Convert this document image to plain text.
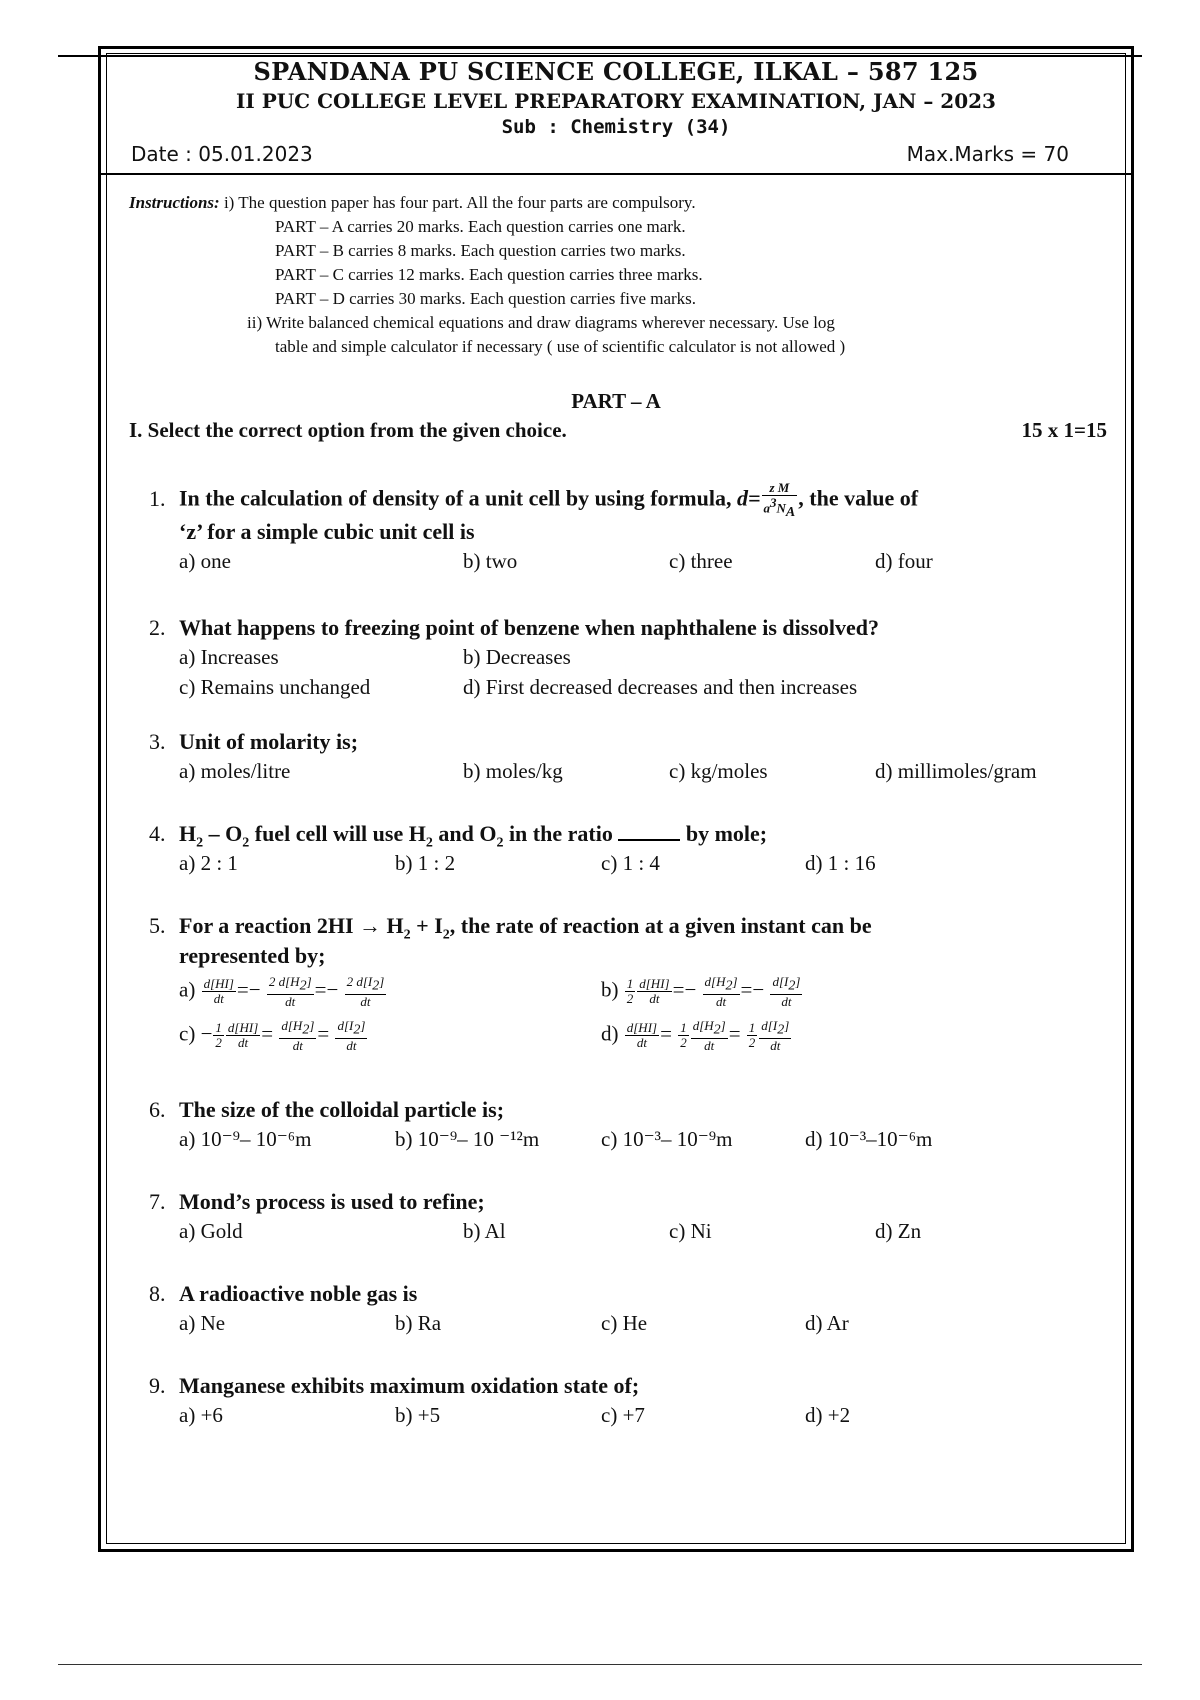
SPANDANA PU SCIENCE COLLEGE, ILKAL – 587 125
II PUC COLLEGE LEVEL PREPARATORY EXAMINATION, JAN – 2023
Sub : Chemistry (34)
Date : 05.01.2023	Max.Marks = 70
Instructions: i) The question paper has four part. All the four parts are compulsory.
PART – A carries 20 marks. Each question carries one mark.
PART – B carries 8 marks. Each question carries two marks.
PART – C carries 12 marks. Each question carries three marks.
PART – D carries 30 marks. Each question carries five marks.
ii) Write balanced chemical equations and draw diagrams wherever necessary. Use log
table and simple calculator if necessary ( use of scientific calculator is not allowed )
PART – A
I. Select the correct option from the given choice.	15 x 1=15
1. In the calculation of density of a unit cell by using formula, $d= \frac{\text{z M}}{a^3N_A}$ , the value of
‘z’ for a simple cubic unit cell is
a) one	b) two	c) three	d) four
2. What happens to freezing point of benzene when naphthalene is dissolved?
a) Increases	b) Decreases
c) Remains unchanged	d) First decreased decreases and then increases
3. Unit of molarity is;
a) moles/litre	b) moles/kg	c) kg/moles	d) millimoles/gram
4. $H_2 - O_2$ fuel cell will use $H_2$ and $O_2$ in the ratio	by mole;
a) 2 : 1	b) 1 : 2	c) 1 : 4	d) 1 : 16
5. For a reaction $2HI \to H_2 + I_2$, the rate of reaction at a given instant can be
represented by;
$a) \frac{d[HI]}{dt} =- \frac{2 d[H_2]}{dt} =- \frac{2 d[I_2]}{dt}$	$b) \frac{1}{2} \frac{d[HI]}{dt} =- \frac{d[H_2]}{dt} =- \frac{d[I_2]}{dt}$
$c) - \frac{1}{2} \frac{d[HI]}{dt} = \frac{d[H_2]}{dt} = \frac{d[I_2]}{dt}$	$d) \frac{d[HI]}{dt} = \frac{1}{2} \frac{d[H_2]}{dt} = \frac{1}{2} \frac{d[I_2]}{dt}$
6. The size of the colloidal particle is;
a) 10⁻⁹– 10⁻⁶m	b) 10⁻⁹– 10 ⁻¹²m	c) 10⁻³– 10⁻⁹m	d) 10⁻³–10⁻⁶m
7. Mond’s process is used to refine;
a) Gold	b) Al	c) Ni	d) Zn
8. A radioactive noble gas is
a) Ne	b) Ra	c) He	d) Ar
9. Manganese exhibits maximum oxidation state of;
a) +6	b) +5	c) +7	d) +2
